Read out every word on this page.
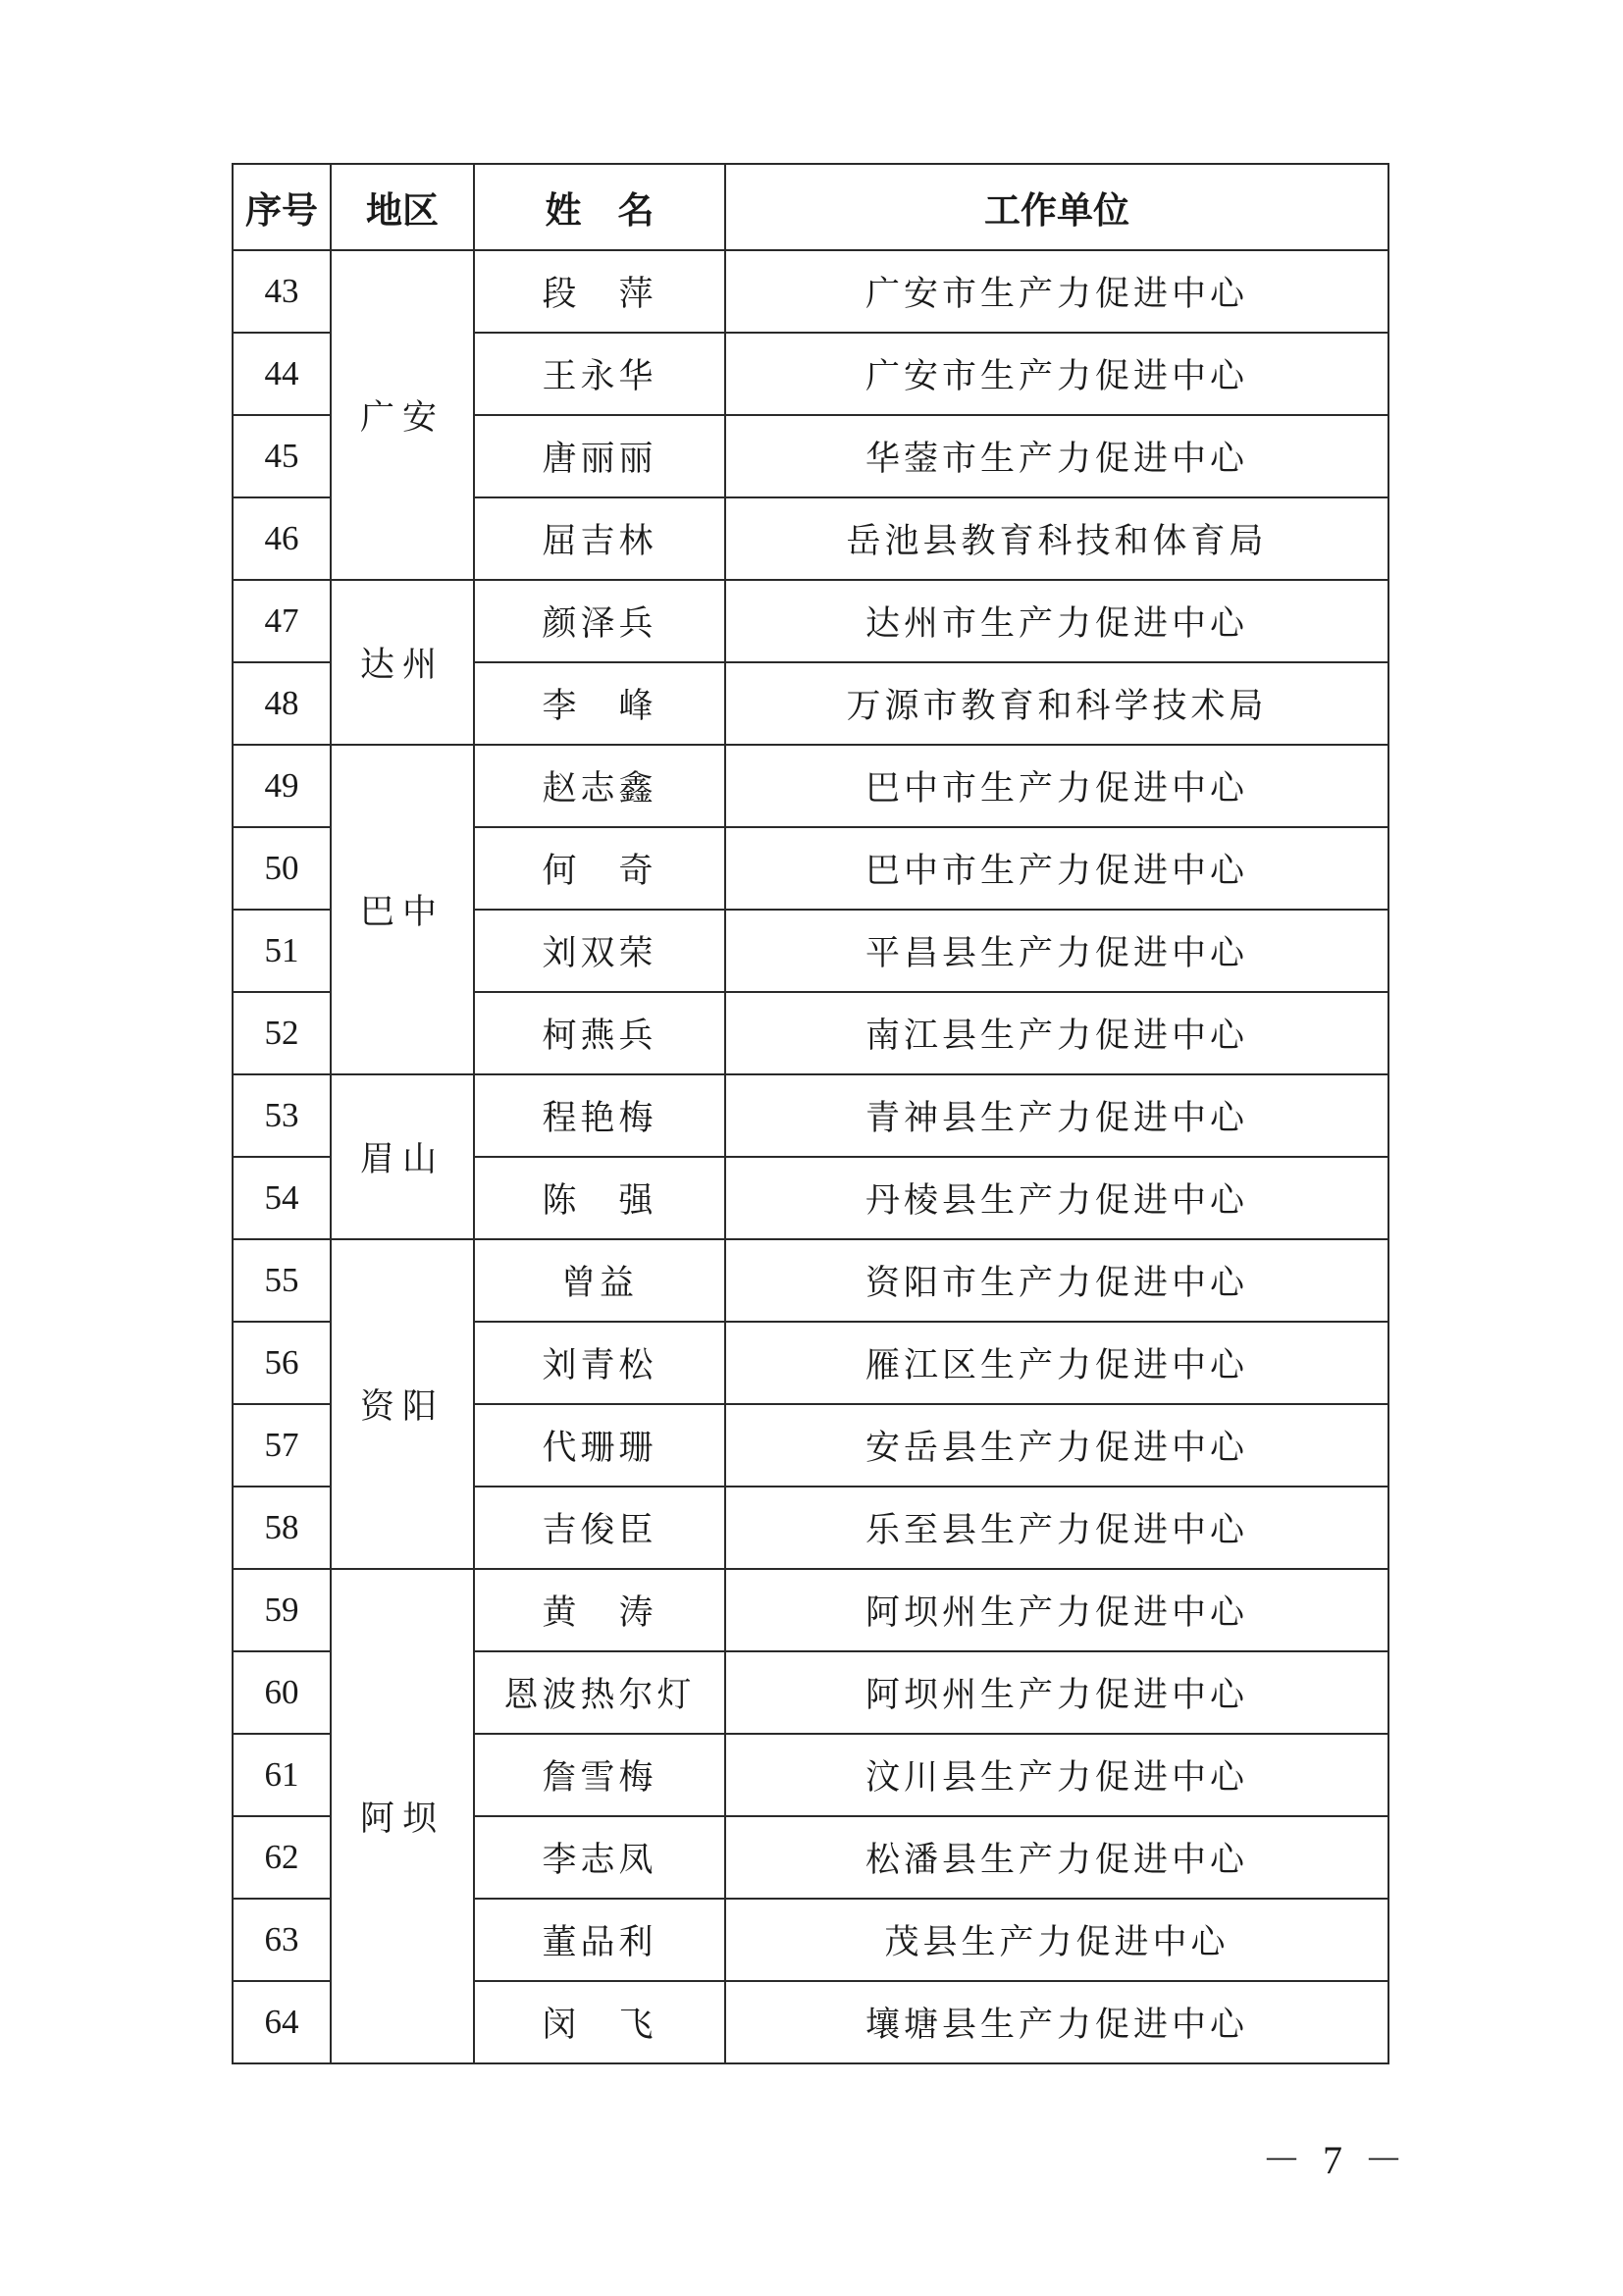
序号	地区	姓　名	工作单位
43	广安	段　萍	广安市生产力促进中心
44		王永华	广安市生产力促进中心
45		唐丽丽	华蓥市生产力促进中心
46		屈吉林	岳池县教育科技和体育局
47	达州	颜泽兵	达州市生产力促进中心
48		李　峰	万源市教育和科学技术局
49	巴中	赵志鑫	巴中市生产力促进中心
50		何　奇	巴中市生产力促进中心
51		刘双荣	平昌县生产力促进中心
52		柯燕兵	南江县生产力促进中心
53	眉山	程艳梅	青神县生产力促进中心
54		陈　强	丹棱县生产力促进中心
55	资阳	曾益	资阳市生产力促进中心
56		刘青松	雁江区生产力促进中心
57		代珊珊	安岳县生产力促进中心
58		吉俊臣	乐至县生产力促进中心
59	阿坝	黄　涛	阿坝州生产力促进中心
60		恩波热尔灯	阿坝州生产力促进中心
61		詹雪梅	汶川县生产力促进中心
62		李志凤	松潘县生产力促进中心
63		董品利	茂县生产力促进中心
64		闵　飞	壤塘县生产力促进中心
－ 7 －
